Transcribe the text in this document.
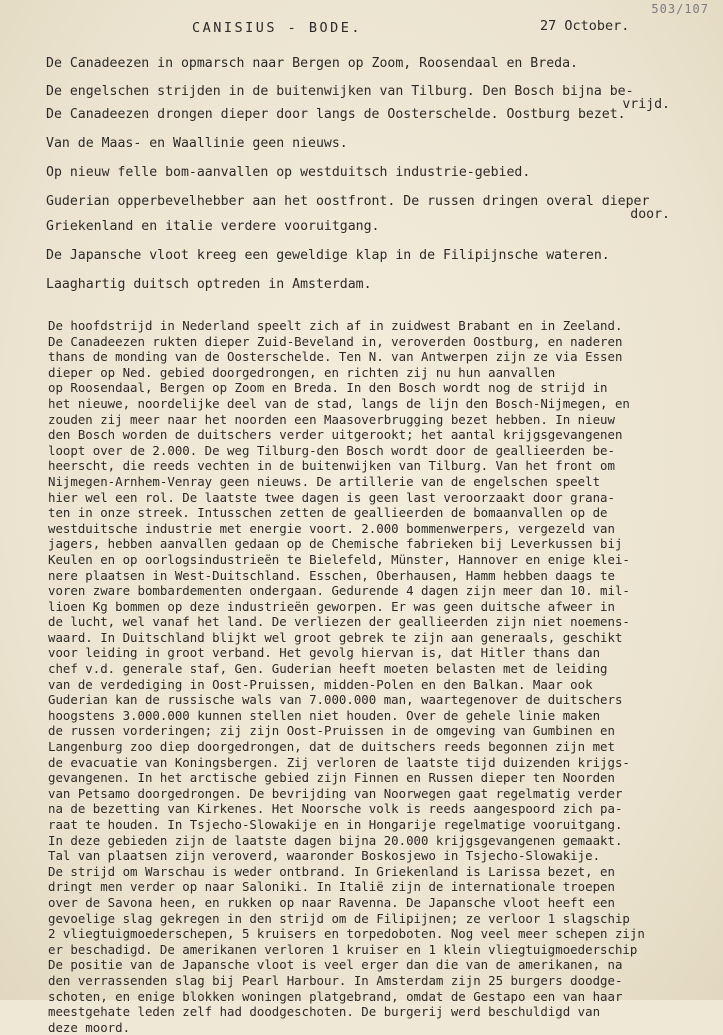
503/107
CANISIUS - BODE.	27 October.

De Canadeezen in opmarsch naar Bergen op Zoom, Roosendaal en Breda.

De engelschen strijden in de buitenwijken van Tilburg. Den Bosch bijna be-

vrijd.

De Canadeezen drongen dieper door langs de Oosterschelde. Oostburg bezet.

Van de Maas- en Waallinie geen nieuws.

Op nieuw felle bom-aanvallen op westduitsch industrie-gebied.

Guderian opperbevelhebber aan het oostfront. De russen dringen overal dieper

door.

Griekenland en italie verdere vooruitgang.

De Japansche vloot kreeg een geweldige klap in de Filipijnsche wateren.

Laaghartig duitsch optreden in Amsterdam.

De hoofdstrijd in Nederland speelt zich af in zuidwest Brabant en in Zeeland.

De Canadeezen rukten dieper Zuid-Beveland in, veroverden Oostburg, en naderen

thans de monding van de Oosterschelde. Ten N. van Antwerpen zijn ze via Essen

dieper op Ned. gebied doorgedrongen, en richten zij nu hun aanvallen

op Roosendaal, Bergen op Zoom en Breda. In den Bosch wordt nog de strijd in

het nieuwe, noordelijke deel van de stad, langs de lijn den Bosch-Nijmegen, en

zouden zij meer naar het noorden een Maasoverbrugging bezet hebben. In nieuw

den Bosch worden de duitschers verder uitgerookt; het aantal krijgsgevangenen

loopt over de 2.000. De weg Tilburg-den Bosch wordt door de geallieerden be-

heerscht, die reeds vechten in de buitenwijken van Tilburg. Van het front om

Nijmegen-Arnhem-Venray geen nieuws. De artillerie van de engelschen speelt

hier wel een rol. De laatste twee dagen is geen last veroorzaakt door grana-

ten in onze streek. Intusschen zetten de geallieerden de bomaanvallen op de

westduitsche industrie met energie voort. 2.000 bommenwerpers, vergezeld van

jagers, hebben aanvallen gedaan op de Chemische fabrieken bij Leverkussen bij

Keulen en op oorlogsindustrieën te Bielefeld, Münster, Hannover en enige klei-

nere plaatsen in West-Duitschland. Esschen, Oberhausen, Hamm hebben daags te

voren zware bombardementen ondergaan. Gedurende 4 dagen zijn meer dan 10. mil-

lioen Kg bommen op deze industrieën geworpen. Er was geen duitsche afweer in

de lucht, wel vanaf het land. De verliezen der geallieerden zijn niet noemens-

waard. In Duitschland blijkt wel groot gebrek te zijn aan generaals, geschikt

voor leiding in groot verband. Het gevolg hiervan is, dat Hitler thans dan

chef v.d. generale staf, Gen. Guderian heeft moeten belasten met de leiding

van de verdediging in Oost-Pruissen, midden-Polen en den Balkan. Maar ook

Guderian kan de russische wals van 7.000.000 man, waartegenover de duitschers

hoogstens 3.000.000 kunnen stellen niet houden. Over de gehele linie maken

de russen vorderingen; zij zijn Oost-Pruissen in de omgeving van Gumbinen en

Langenburg zoo diep doorgedrongen, dat de duitschers reeds begonnen zijn met

de evacuatie van Koningsbergen. Zij verloren de laatste tijd duizenden krijgs-

gevangenen. In het arctische gebied zijn Finnen en Russen dieper ten Noorden

van Petsamo doorgedrongen. De bevrijding van Noorwegen gaat regelmatig verder

na de bezetting van Kirkenes. Het Noorsche volk is reeds aangespoord zich pa-

raat te houden. In Tsjecho-Slowakije en in Hongarije regelmatige vooruitgang.

In deze gebieden zijn de laatste dagen bijna 20.000 krijgsgevangenen gemaakt.

Tal van plaatsen zijn veroverd, waaronder Boskosjewo in Tsjecho-Slowakije.

De strijd om Warschau is weder ontbrand. In Griekenland is Larissa bezet, en

dringt men verder op naar Saloniki. In Italië zijn de internationale troepen

over de Savona heen, en rukken op naar Ravenna. De Japansche vloot heeft een

gevoelige slag gekregen in den strijd om de Filipijnen; ze verloor 1 slagschip

2 vliegtuigmoederschepen, 5 kruisers en torpedoboten. Nog veel meer schepen zijn

er beschadigd. De amerikanen verloren 1 kruiser en 1 klein vliegtuigmoederschip

De positie van de Japansche vloot is veel erger dan die van de amerikanen, na

den verrassenden slag bij Pearl Harbour. In Amsterdam zijn 25 burgers doodge-

schoten, en enige blokken woningen platgebrand, omdat de Gestapo een van haar

meestgehate leden zelf had doodgeschoten. De burgerij werd beschuldigd van

deze moord.
